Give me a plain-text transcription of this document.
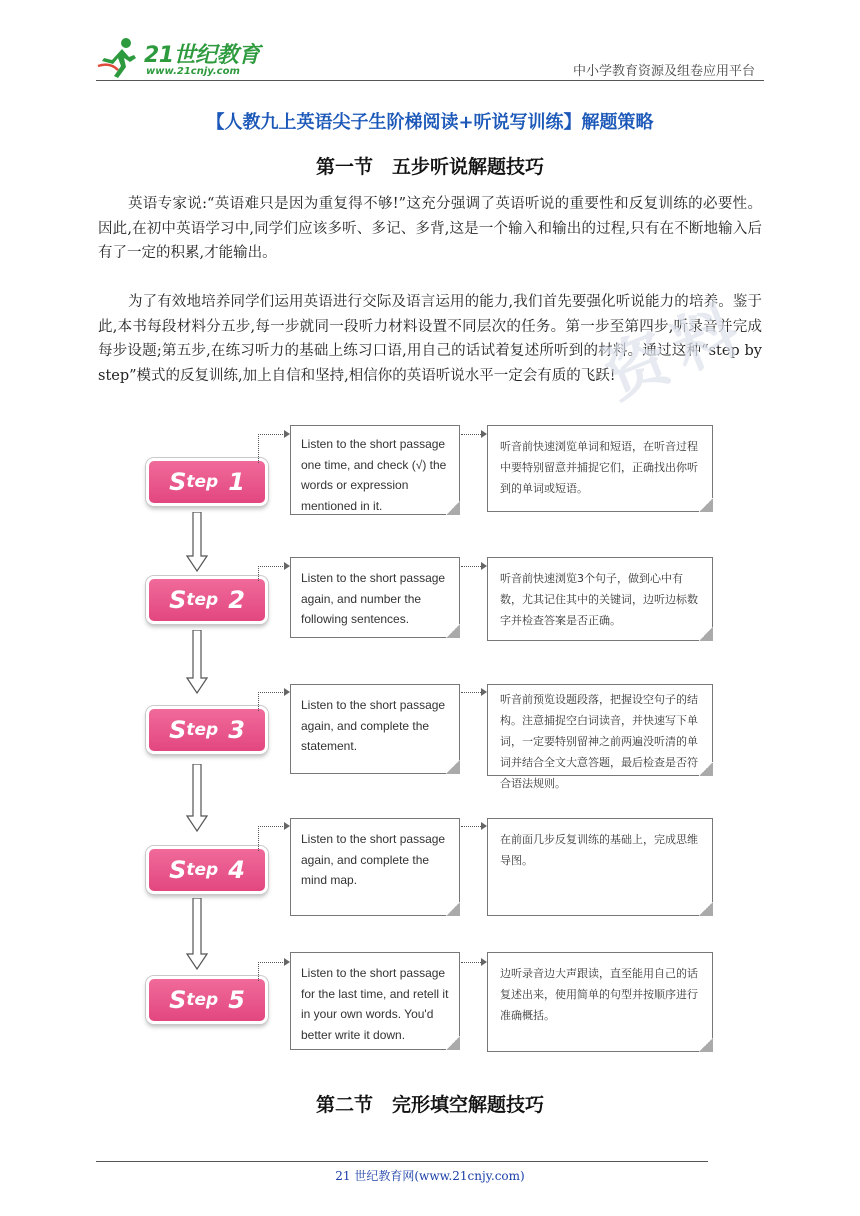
21世纪教育
www.21cnjy.com	中小学教育资源及组卷应用平台
【人教九上英语尖子生阶梯阅读+听说写训练】解题策略
第一节　五步听说解题技巧
英语专家说:“英语难只是因为重复得不够!”这充分强调了英语听说的重要性和反复训练的必要性。因此,在初中英语学习中,同学们应该多听、多记、多背,这是一个输入和输出的过程,只有在不断地输入后有了一定的积累,才能输出。
为了有效地培养同学们运用英语进行交际及语言运用的能力,我们首先要强化听说能力的培养。鉴于此,本书每段材料分五步,每一步就同一段听力材料设置不同层次的任务。第一步至第四步,听录音并完成每步设题;第五步,在练习听力的基础上练习口语,用自己的话试着复述所听到的材料。通过这种“step by step”模式的反复训练,加上自信和坚持,相信你的英语听说水平一定会有质的飞跃!
资料
S tep 1
Listen to the short passage one time, and check (√) the words or expression mentioned in it.
听音前快速浏览单词和短语，在听音过程中要特别留意并捕捉它们，正确找出你听到的单词或短语。
S tep 2
Listen to the short passage again, and number the following sentences.
听音前快速浏览3个句子，做到心中有数，尤其记住其中的关键词，边听边标数字并检查答案是否正确。
S tep 3
Listen to the short passage again, and complete the statement.
听音前预览设题段落，把握设空句子的结构。注意捕捉空白词读音，并快速写下单词，一定要特别留神之前两遍没听清的单词并结合全文大意答题，最后检查是否符合语法规则。
S tep 4
Listen to the short passage again, and complete the mind map.
在前面几步反复训练的基础上，完成思维导图。
S tep 5
Listen to the short passage for the last time, and retell it in your own words. You'd better write it down.
边听录音边大声跟读，直至能用自己的话复述出来，使用简单的句型并按顺序进行准确概括。
第二节　完形填空解题技巧
21 世纪教育网(www.21cnjy.com)
